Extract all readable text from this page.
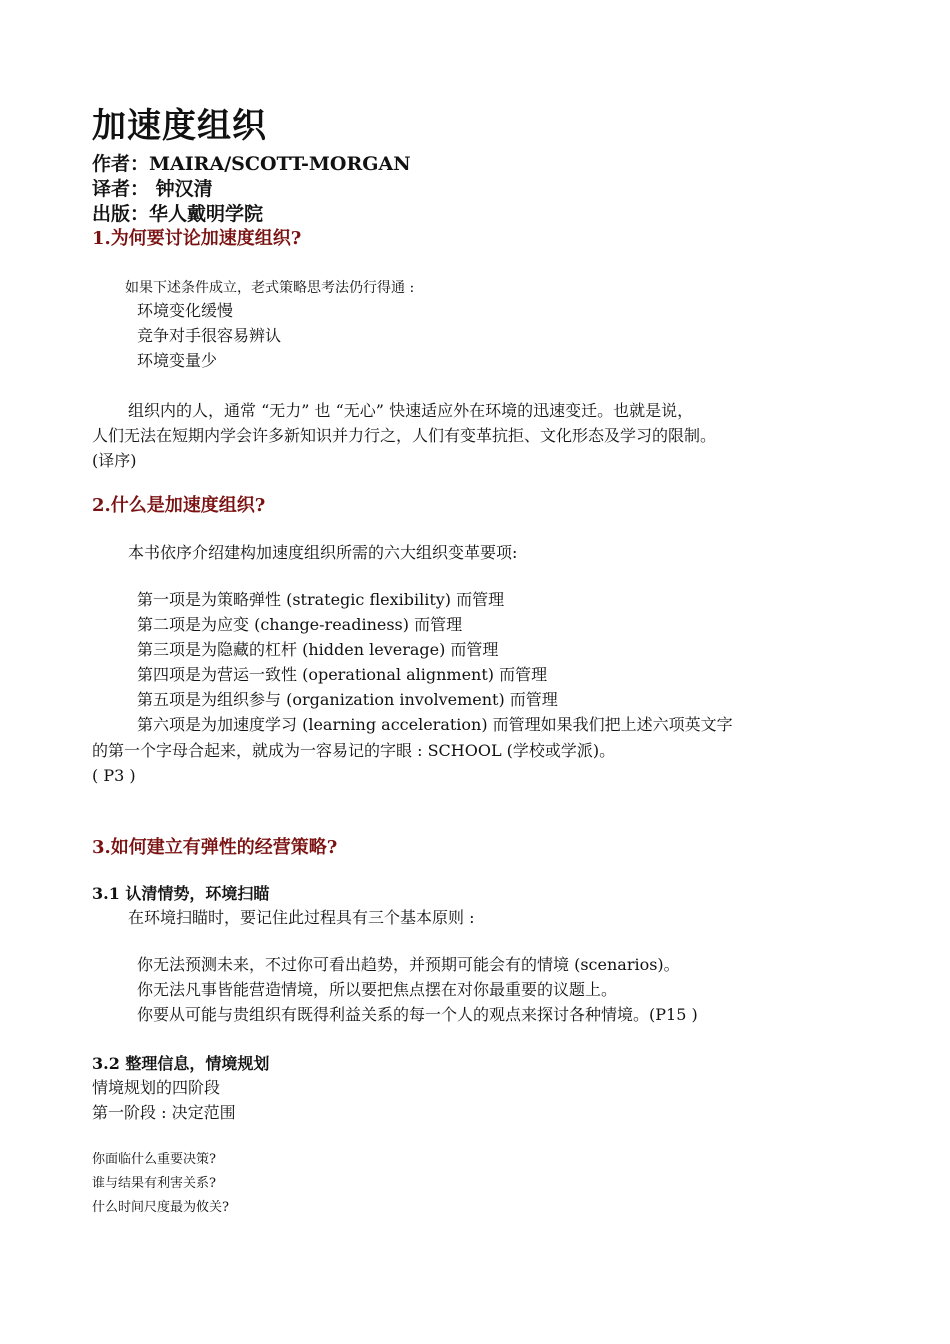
加速度组织
作者：MAIRA/SCOTT-MORGAN
译者： 钟汉清
出版：华人戴明学院
1.为何要讨论加速度组织?
如果下述条件成立，老式策略思考法仍行得通 :
环境变化缓慢
竞争对手很容易辨认
环境变量少
组织内的人，通常 “无力” 也 “无心” 快速适应外在环境的迅速变迁。也就是说，
人们无法在短期内学会许多新知识并力行之，人们有变革抗拒、文化形态及学习的限制。
(译序)
2.什么是加速度组织?
本书依序介绍建构加速度组织所需的六大组织变革要项:
第一项是为策略弹性 (strategic flexibility) 而管理
第二项是为应变 (change-readiness) 而管理
第三项是为隐藏的杠杆 (hidden leverage) 而管理
第四项是为营运一致性 (operational alignment) 而管理
第五项是为组织参与 (organization involvement) 而管理
第六项是为加速度学习 (learning acceleration) 而管理如果我们把上述六项英文字
的第一个字母合起来，就成为一容易记的字眼 : SCHOOL (学校或学派)。
( P3 )
3.如何建立有弹性的经营策略?
3.1 认清情势，环境扫瞄
在环境扫瞄时，要记住此过程具有三个基本原则 :
你无法预测未来，不过你可看出趋势，并预期可能会有的情境 (scenarios)。
你无法凡事皆能营造情境，所以要把焦点摆在对你最重要的议题上。
你要从可能与贵组织有既得利益关系的每一个人的观点来探讨各种情境。(P15 )
3.2 整理信息，情境规划
情境规划的四阶段
第一阶段 : 决定范围
你面临什么重要决策?
谁与结果有利害关系?
什么时间尺度最为攸关?
